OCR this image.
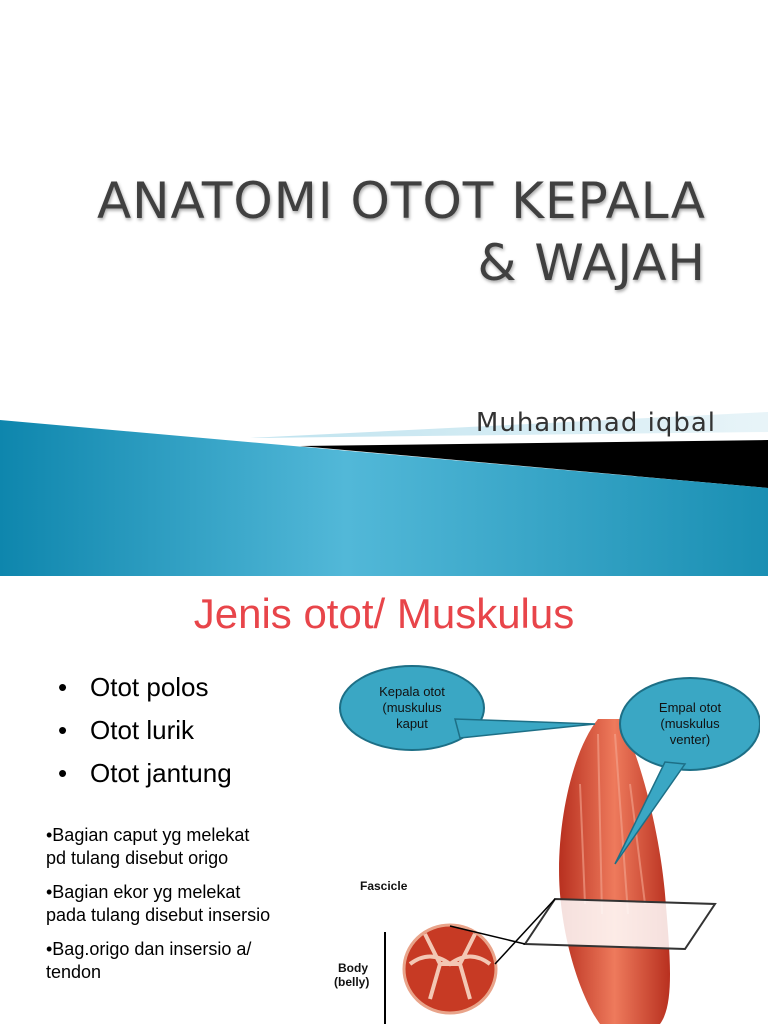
ANATOMI OTOT KEPALA
& WAJAH
Muhammad iqbal
Jenis otot/ Muskulus
• Otot polos
• Otot lurik
• Otot jantung

•Bagian caput yg melekat
pd tulang disebut origo

•Bagian ekor yg melekat
pada tulang disebut insersio

•Bag.origo dan insersio a/
tendon

Kepala otot
(muskulus
kaput
Empal otot
(muskulus
venter)
Fascicle
Body
(belly)
